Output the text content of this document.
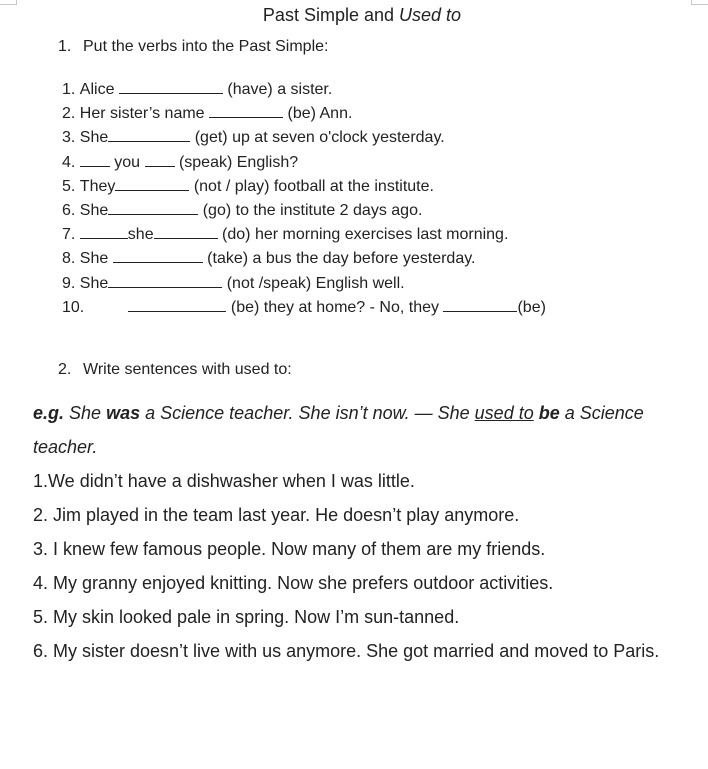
Past Simple and Used to
1. Put the verbs into the Past Simple:
1. Alice	(have) a sister.
2. Her sister’s name	(be) Ann.
3. She	(get) up at seven o'clock yesterday.
4. you (speak) English?
5. They	(not / play) football at the institute.
6. She	(go) to the institute 2 days ago.
7.	she	(do) her morning exercises last morning.
8. She	(take) a bus the day before yesterday.
9. She	(not /speak) English well.
10.	(be) they at home? - No, they	(be)
2. Write sentences with used to:

e.g. She was a Science teacher. She isn’t now. — She used to be a Science teacher.

1.We didn’t have a dishwasher when I was little.

2. Jim played in the team last year. He doesn’t play anymore.

3. I knew few famous people. Now many of them are my friends.

4. My granny enjoyed knitting. Now she prefers outdoor activities.

5. My skin looked pale in spring. Now I’m sun-tanned.

6. My sister doesn’t live with us anymore. She got married and moved to Paris.
